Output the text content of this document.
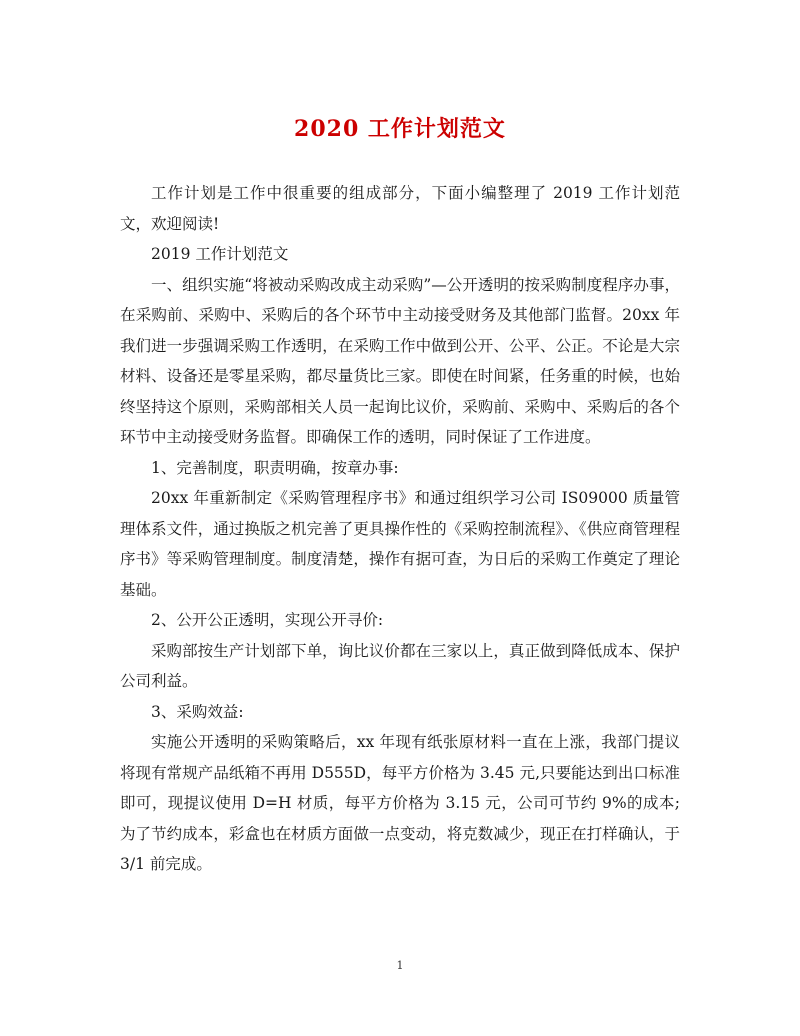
2020 工作计划范文

工作计划是工作中很重要的组成部分，下面小编整理了 2019 工作计划范文，欢迎阅读!

2019 工作计划范文

一、组织实施“将被动采购改成主动采购”—公开透明的按采购制度程序办事，在采购前、采购中、采购后的各个环节中主动接受财务及其他部门监督。20xx 年我们进一步强调采购工作透明，在采购工作中做到公开、公平、公正。不论是大宗材料、设备还是零星采购，都尽量货比三家。即使在时间紧，任务重的时候，也始终坚持这个原则，采购部相关人员一起询比议价，采购前、采购中、采购后的各个环节中主动接受财务监督。即确保工作的透明，同时保证了工作进度。

1、完善制度，职责明确，按章办事:

20xx 年重新制定《采购管理程序书》和通过组织学习公司 IS09000 质量管理体系文件，通过换版之机完善了更具操作性的《采购控制流程》、《供应商管理程序书》等采购管理制度。制度清楚，操作有据可查，为日后的采购工作奠定了理论基础。

2、公开公正透明，实现公开寻价:

采购部按生产计划部下单，询比议价都在三家以上，真正做到降低成本、保护公司利益。

3、采购效益:

实施公开透明的采购策略后，xx 年现有纸张原材料一直在上涨，我部门提议将现有常规产品纸箱不再用 D555D，每平方价格为 3.45 元,只要能达到出口标准即可，现提议使用 D=H 材质，每平方价格为 3.15 元，公司可节约 9%的成本;为了节约成本，彩盒也在材质方面做一点变动，将克数减少，现正在打样确认，于 3/1 前完成。

1
